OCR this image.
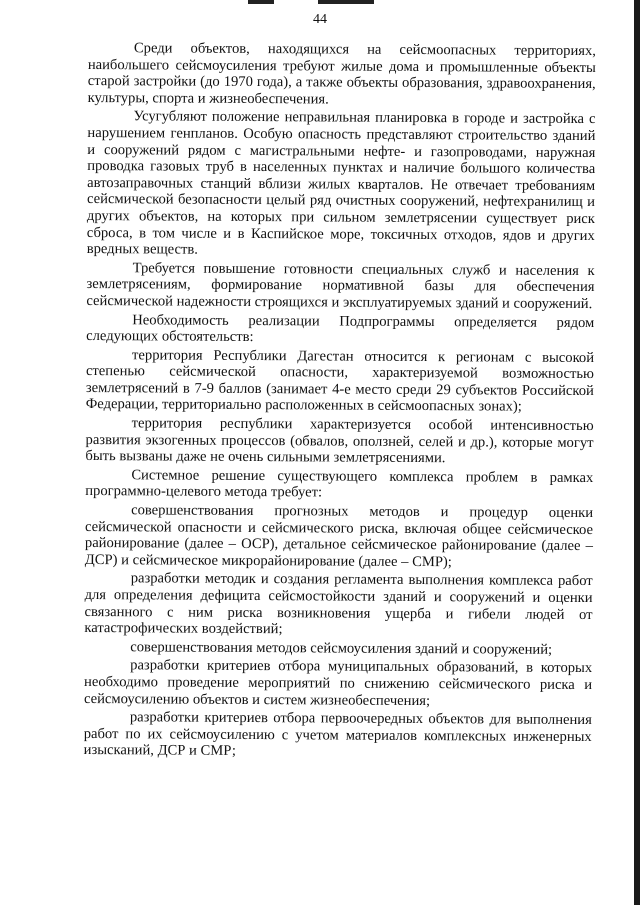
44

Среди объектов, находящихся на сейсмоопасных территориях, наибольшего сейсмоусиления требуют жилые дома и промышленные объекты старой застройки (до 1970 года), а также объекты образования, здравоохранения, культуры, спорта и жизнеобеспечения.

Усугубляют положение неправильная планировка в городе и застройка с нарушением генпланов. Особую опасность представляют строительство зданий и сооружений рядом с магистральными нефте- и газопроводами, наружная проводка газовых труб в населенных пунктах и наличие большого количества автозаправочных станций вблизи жилых кварталов. Не отвечает требованиям сейсмической безопасности целый ряд очистных сооружений, нефтехранилищ и других объектов, на которых при сильном землетрясении существует риск сброса, в том числе и в Каспийское море, токсичных отходов, ядов и других вредных веществ.

Требуется повышение готовности специальных служб и населения к землетрясениям, формирование нормативной базы для обеспечения сейсмической надежности строящихся и эксплуатируемых зданий и сооружений.

Необходимость реализации Подпрограммы определяется рядом следующих обстоятельств:

территория Республики Дагестан относится к регионам с высокой степенью сейсмической опасности, характеризуемой возможностью землетрясений в 7-9 баллов (занимает 4-е место среди 29 субъектов Российской Федерации, территориально расположенных в сейсмоопасных зонах);

территория республики характеризуется особой интенсивностью развития экзогенных процессов (обвалов, оползней, селей и др.), которые могут быть вызваны даже не очень сильными землетрясениями.

Системное решение существующего комплекса проблем в рамках программно-целевого метода требует:

совершенствования прогнозных методов и процедур оценки сейсмической опасности и сейсмического риска, включая общее сейсмическое районирование (далее – ОСР), детальное сейсмическое районирование (далее – ДСР) и сейсмическое микрорайонирование (далее – СМР);

разработки методик и создания регламента выполнения комплекса работ для определения дефицита сейсмостойкости зданий и сооружений и оценки связанного с ним риска возникновения ущерба и гибели людей от катастрофических воздействий;

совершенствования методов сейсмоусиления зданий и сооружений;

разработки критериев отбора муниципальных образований, в которых необходимо проведение мероприятий по снижению сейсмического риска и сейсмоусилению объектов и систем жизнеобеспечения;

разработки критериев отбора первоочередных объектов для выполнения работ по их сейсмоусилению с учетом материалов комплексных инженерных изысканий, ДСР и СМР;
